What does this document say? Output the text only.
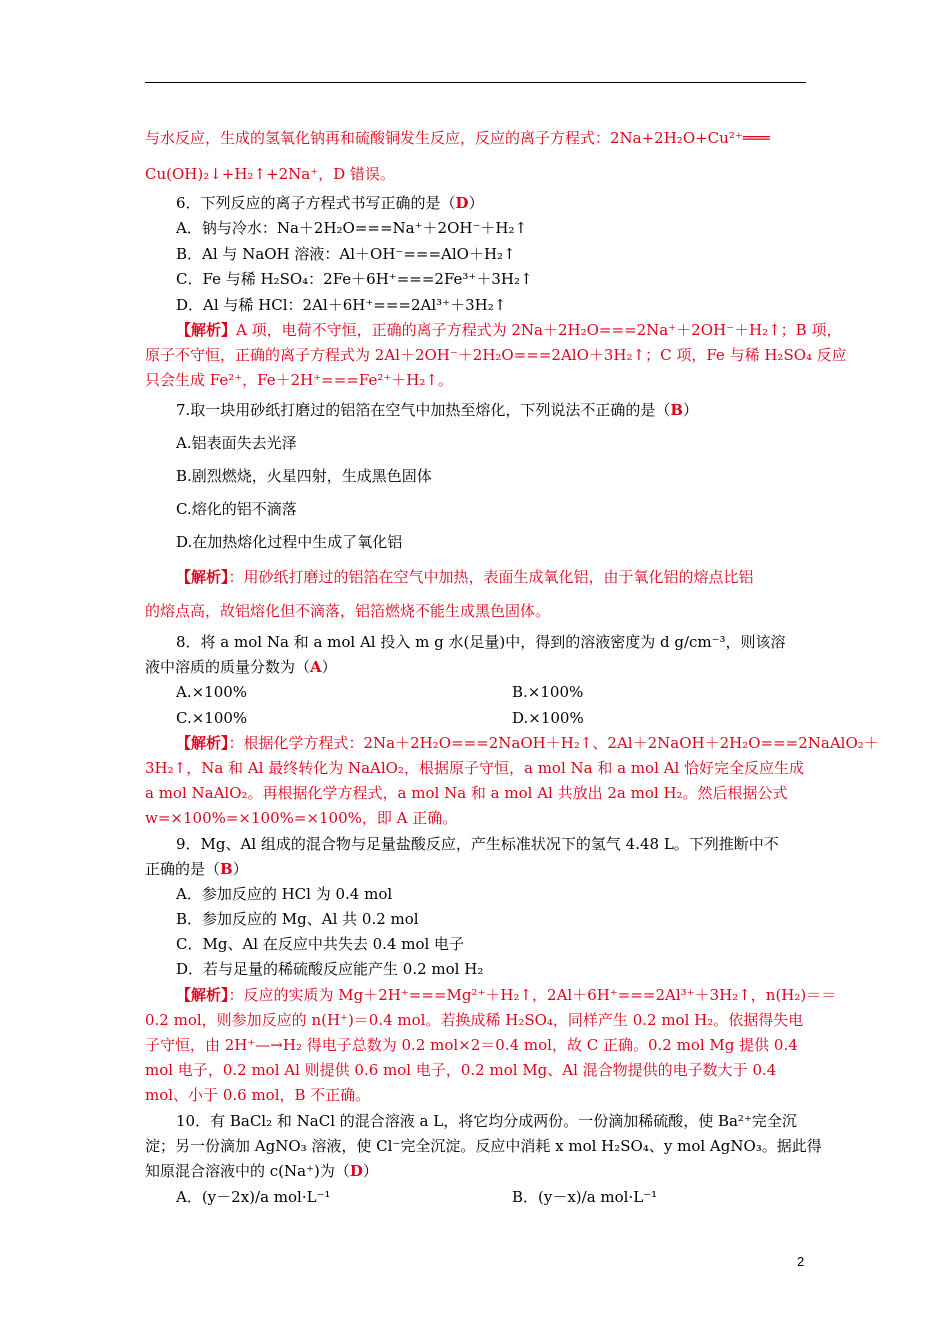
与水反应，生成的氢氧化钠再和硫酸铜发生反应，反应的离子方程式：2Na+2H₂O+Cu²⁺═══
Cu(OH)₂↓+H₂↑+2Na⁺，D 错误。
6．下列反应的离子方程式书写正确的是（D）
A．钠与冷水：Na＋2H₂O===Na⁺＋2OH⁻＋H₂↑
B．Al 与 NaOH 溶液：Al＋OH⁻===AlO＋H₂↑
C．Fe 与稀 H₂SO₄：2Fe＋6H⁺===2Fe³⁺＋3H₂↑
D．Al 与稀 HCl：2Al＋6H⁺===2Al³⁺＋3H₂↑
【解析】A 项，电荷不守恒，正确的离子方程式为 2Na＋2H₂O===2Na⁺＋2OH⁻＋H₂↑；B 项，
原子不守恒，正确的离子方程式为 2Al＋2OH⁻＋2H₂O===2AlO＋3H₂↑；C 项，Fe 与稀 H₂SO₄ 反应
只会生成 Fe²⁺，Fe＋2H⁺===Fe²⁺＋H₂↑。
7.取一块用砂纸打磨过的铝箔在空气中加热至熔化，下列说法不正确的是（B）
A.铝表面失去光泽
B.剧烈燃烧，火星四射，生成黑色固体
C.熔化的铝不滴落
D.在加热熔化过程中生成了氧化铝
【解析】：用砂纸打磨过的铝箔在空气中加热，表面生成氧化铝，由于氧化铝的熔点比铝
的熔点高，故铝熔化但不滴落，铝箔燃烧不能生成黑色固体。
8．将 a mol Na 和 a mol Al 投入 m g 水(足量)中，得到的溶液密度为 d g/cm⁻³，则该溶
液中溶质的质量分数为（A）
A.×100%	B.×100%
C.×100%	D.×100%
【解析】：根据化学方程式：2Na＋2H₂O===2NaOH＋H₂↑、2Al＋2NaOH＋2H₂O===2NaAlO₂＋
3H₂↑，Na 和 Al 最终转化为 NaAlO₂，根据原子守恒，a mol Na 和 a mol Al 恰好完全反应生成
a mol NaAlO₂。再根据化学方程式，a mol Na 和 a mol Al 共放出 2a mol H₂。然后根据公式
w=×100%=×100%=×100%，即 A 正确。
9．Mg、Al 组成的混合物与足量盐酸反应，产生标准状况下的氢气 4.48 L。下列推断中不
正确的是（B）
A．参加反应的 HCl 为 0.4 mol
B．参加反应的 Mg、Al 共 0.2 mol
C．Mg、Al 在反应中共失去 0.4 mol 电子
D．若与足量的稀硫酸反应能产生 0.2 mol H₂
【解析】：反应的实质为 Mg＋2H⁺===Mg²⁺＋H₂↑，2Al＋6H⁺===2Al³⁺＋3H₂↑，n(H₂)＝＝
0.2 mol，则参加反应的 n(H⁺)＝0.4 mol。若换成稀 H₂SO₄，同样产生 0.2 mol H₂。依据得失电
子守恒，由 2H⁺—→H₂ 得电子总数为 0.2 mol×2＝0.4 mol，故 C 正确。0.2 mol Mg 提供 0.4
mol 电子，0.2 mol Al 则提供 0.6 mol 电子，0.2 mol Mg、Al 混合物提供的电子数大于 0.4
mol、小于 0.6 mol，B 不正确。
10．有 BaCl₂ 和 NaCl 的混合溶液 a L，将它均分成两份。一份滴加稀硫酸，使 Ba²⁺完全沉
淀；另一份滴加 AgNO₃ 溶液，使 Cl⁻完全沉淀。反应中消耗 x mol H₂SO₄、y mol AgNO₃。据此得
知原混合溶液中的 c(Na⁺)为（D）
A．(y－2x)/a mol·L⁻¹	B．(y－x)/a mol·L⁻¹
2
